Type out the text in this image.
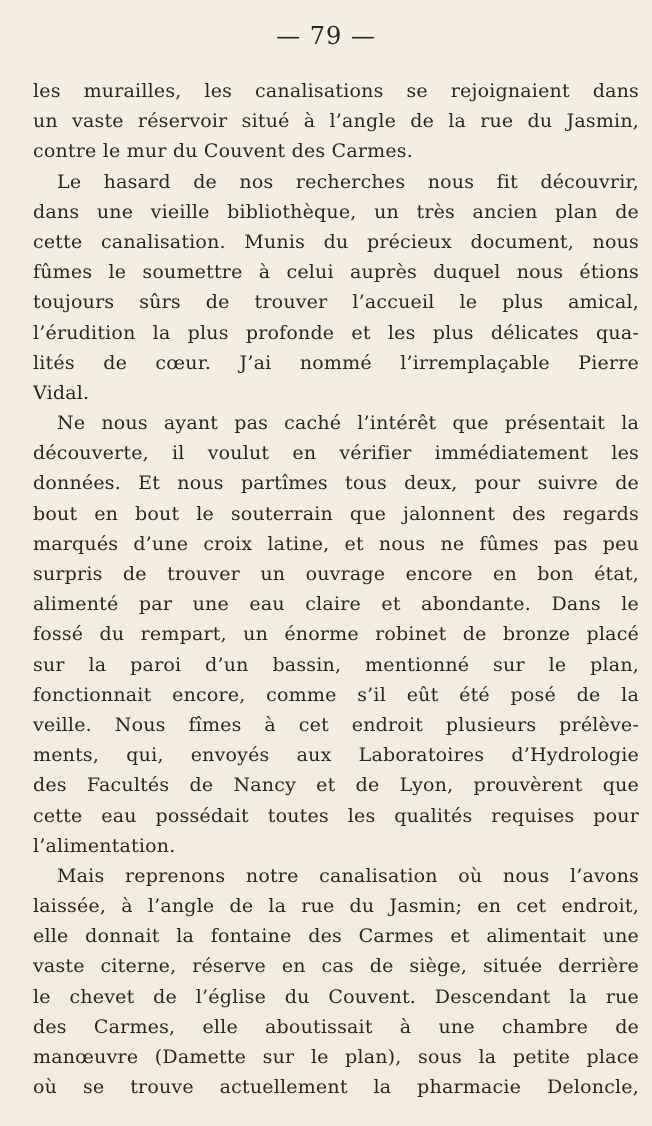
— 79 —
les murailles, les canalisations se rejoignaient dans
un vaste réservoir situé à l’angle de la rue du Jasmin,
contre le mur du Couvent des Carmes.
Le hasard de nos recherches nous fit découvrir,
dans une vieille bibliothèque, un très ancien plan de
cette canalisation. Munis du précieux document, nous
fûmes le soumettre à celui auprès duquel nous étions
toujours sûrs de trouver l’accueil le plus amical,
l’érudition la plus profonde et les plus délicates qua-
lités de cœur. J’ai nommé l’irremplaçable Pierre
Vidal.
Ne nous ayant pas caché l’intérêt que présentait la
découverte, il voulut en vérifier immédiatement les
données. Et nous partîmes tous deux, pour suivre de
bout en bout le souterrain que jalonnent des regards
marqués d’une croix latine, et nous ne fûmes pas peu
surpris de trouver un ouvrage encore en bon état,
alimenté par une eau claire et abondante. Dans le
fossé du rempart, un énorme robinet de bronze placé
sur la paroi d’un bassin, mentionné sur le plan,
fonctionnait encore, comme s’il eût été posé de la
veille. Nous fîmes à cet endroit plusieurs prélève-
ments, qui, envoyés aux Laboratoires d’Hydrologie
des Facultés de Nancy et de Lyon, prouvèrent que
cette eau possédait toutes les qualités requises pour
l’alimentation.
Mais reprenons notre canalisation où nous l’avons
laissée, à l’angle de la rue du Jasmin; en cet endroit,
elle donnait la fontaine des Carmes et alimentait une
vaste citerne, réserve en cas de siège, située derrière
le chevet de l’église du Couvent. Descendant la rue
des Carmes, elle aboutissait à une chambre de
manœuvre (Damette sur le plan), sous la petite place
où se trouve actuellement la pharmacie Deloncle,
